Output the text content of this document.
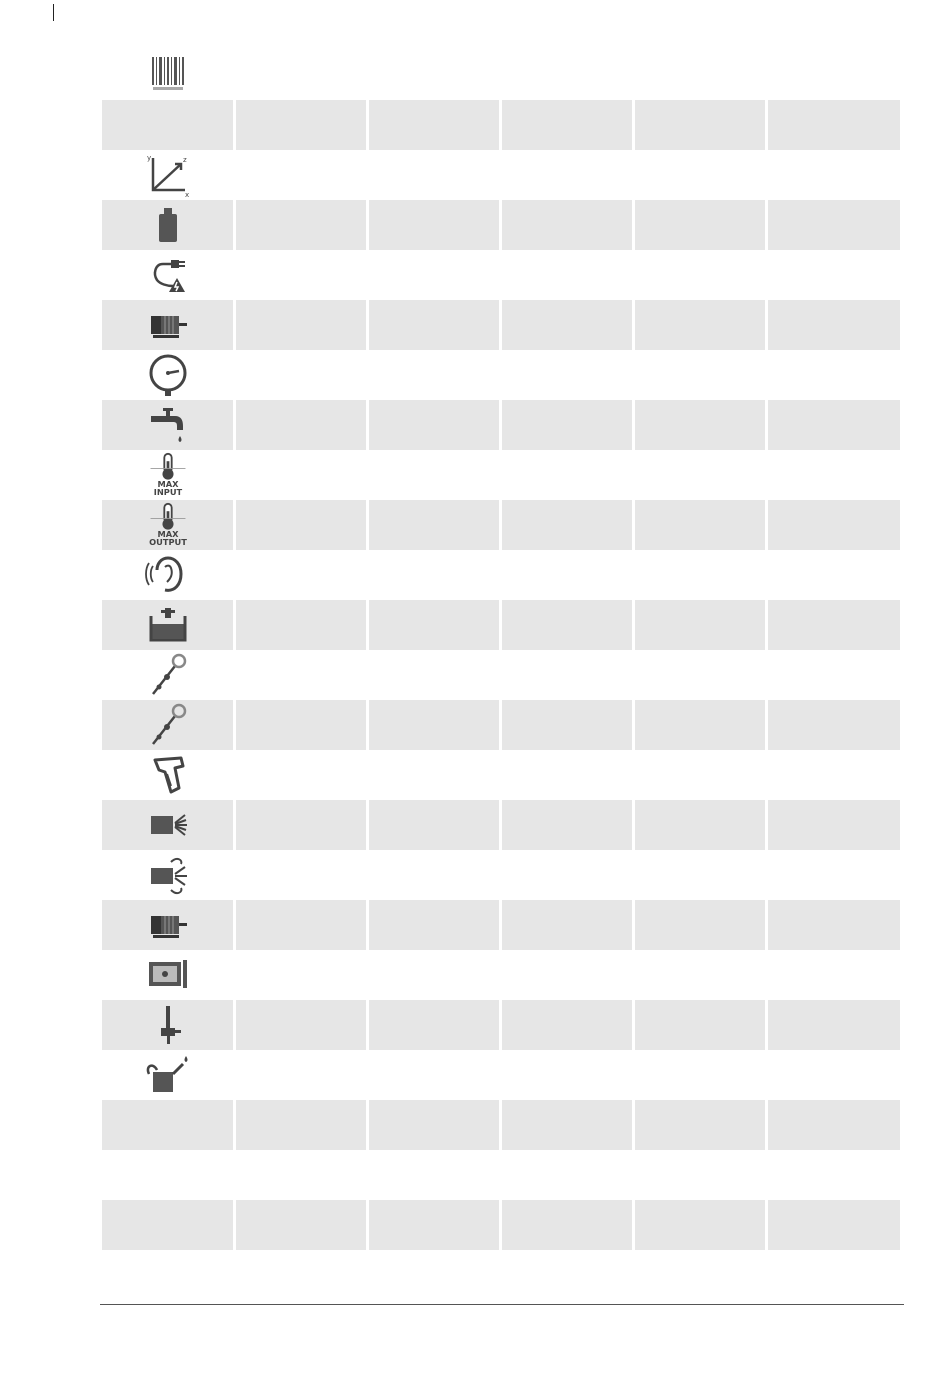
y	z
x
MAX
INPUT
MAX
OUTPUT
